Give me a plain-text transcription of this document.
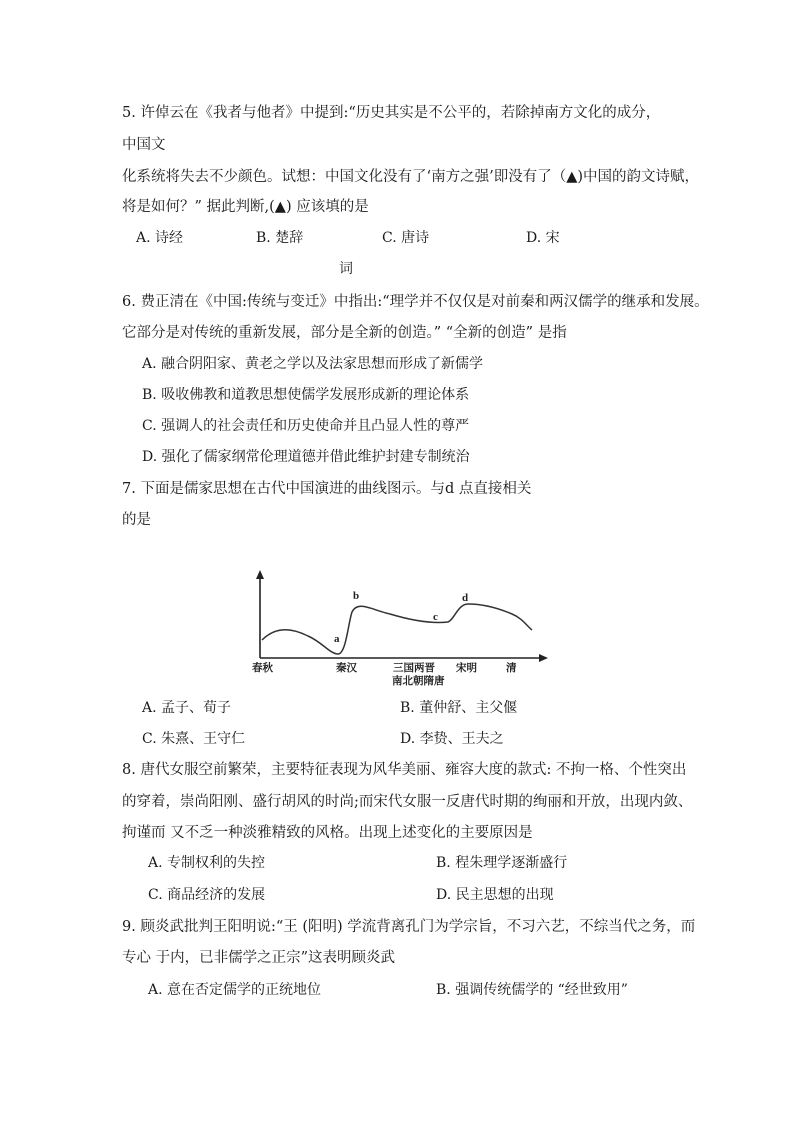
5. 许倬云在《我者与他者》中提到:“历史其实是不公平的，若除掉南方文化的成分，
中国文
化系统将失去不少颜色。试想：中国文化没有了‘南方之强’即没有了（▲)中国的韵文诗赋，
将是如何？” 据此判断,(▲) 应该填的是
A. 诗经	B. 楚辞	C. 唐诗	D. 宋
词
6. 费正清在《中国:传统与变迁》中指出:“理学并不仅仅是对前秦和两汉儒学的继承和发展。
它部分是对传统的重新发展，部分是全新的创造。” “全新的创造” 是指
A. 融合阴阳家、黄老之学以及法家思想而形成了新儒学
B. 吸收佛教和道教思想使儒学发展形成新的理论体系
C. 强调人的社会责任和历史使命并且凸显人性的尊严
D. 强化了儒家纲常伦理道德并借此维护封建专制统治
7. 下面是儒家思想在古代中国演进的曲线图示。与d 点直接相关
的是
a
b
c
d
春秋	秦汉	三国两晋 宋明	清
南北朝隋唐
A. 孟子、荀子	B. 董仲舒、主父偃
C. 朱熹、王守仁	D. 李贽、王夫之
8. 唐代女服空前繁荣，主要特征表现为风华美丽、雍容大度的款式: 不拘一格、个性突出
的穿着，崇尚阳刚、盛行胡风的时尚;而宋代女服一反唐代时期的绚丽和开放，出现内敛、
拘谨而 又不乏一种淡雅精致的风格。出现上述变化的主要原因是
A. 专制权利的失控	B. 程朱理学逐渐盛行
C. 商品经济的发展	D. 民主思想的出现
9. 顾炎武批判王阳明说:“王 (阳明) 学流背离孔门为学宗旨，不习六艺，不综当代之务，而
专心 于内，已非儒学之正宗”这表明顾炎武
A. 意在否定儒学的正统地位	B. 强调传统儒学的 “经世致用”
